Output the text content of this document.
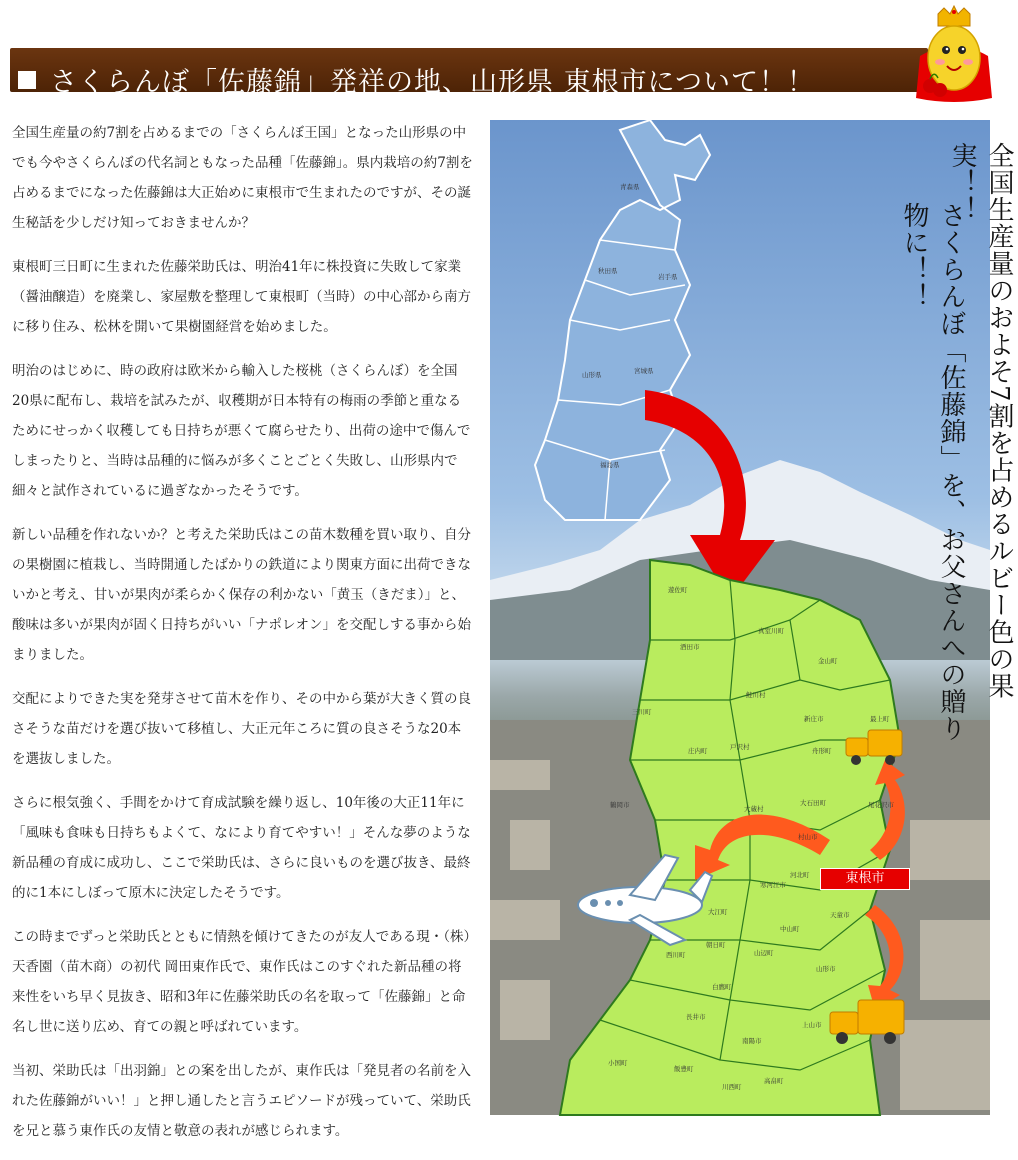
さくらんぼ「佐藤錦」発祥の地、山形県 東根市について！！

全国生産量の約7割を占めるまでの「さくらんぼ王国」となった山形県の中でも今やさくらんぼの代名詞ともなった品種「佐藤錦」。県内栽培の約7割を占めるまでになった佐藤錦は大正始めに東根市で生まれたのですが、その誕生秘話を少しだけ知っておきませんか？

東根町三日町に生まれた佐藤栄助氏は、明治41年に株投資に失敗して家業（醤油醸造）を廃業し、家屋敷を整理して東根町（当時）の中心部から南方に移り住み、松林を開いて果樹園経営を始めました。

明治のはじめに、時の政府は欧米から輸入した桜桃（さくらんぼ）を全国20県に配布し、栽培を試みたが、収穫期が日本特有の梅雨の季節と重なるためにせっかく収穫しても日持ちが悪くて腐らせたり、出荷の途中で傷んでしまったりと、当時は品種的に悩みが多くことごとく失敗し、山形県内で細々と試作されているに過ぎなかったそうです。

新しい品種を作れないか？と考えた栄助氏はこの苗木数種を買い取り、自分の果樹園に植栽し、当時開通したばかりの鉄道により関東方面に出荷できないかと考え、甘いが果肉が柔らかく保存の利かない「黄玉（きだま）」と、酸味は多いが果肉が固く日持ちがいい「ナポレオン」を交配しする事から始まりました。

交配によりできた実を発芽させて苗木を作り、その中から葉が大きく質の良さそうな苗だけを選び抜いて移植し、大正元年ころに質の良さそうな20本を選抜しました。

さらに根気強く、手間をかけて育成試験を繰り返し、10年後の大正11年に「風味も食味も日持ちもよくて、なにより育てやすい！」そんな夢のような新品種の育成に成功し、ここで栄助氏は、さらに良いものを選び抜き、最終的に1本にしぼって原木に決定したそうです。

この時までずっと栄助氏とともに情熱を傾けてきたのが友人である現・（株）天香園（苗木商）の初代 岡田東作氏で、東作氏はこのすぐれた新品種の将来性をいち早く見抜き、昭和3年に佐藤栄助氏の名を取って「佐藤錦」と命名し世に送り広め、育ての親と呼ばれています。

当初、栄助氏は「出羽錦」との案を出したが、東作氏は「発見者の名前を入れた佐藤錦がいい！」と押し通したと言うエピソードが残っていて、栄助氏を兄と慕う東作氏の友情と敬意の表れが感じられます。

全国生産量のおよそ7割を占めるルビー色の果実！！
さくらんぼ「佐藤錦」を、お父さんへの贈り物に！！
青森県
秋田県
岩手県
山形県	宮城県
福島県
遊佐町
酒田市
真室川町
金山町
鮭川村
三川町
最上町
新庄市
庄内町	戸沢村	舟形町
鶴岡市	大蔵村
大石田町	尾花沢市
村山市
河北町
寒河江市
大江町
西川町
中山町
天童市
朝日町
山辺町
白鷹町
山形市
長井市
南陽市
上山市
小国町
飯豊町
川西町
高畠町
東根市
